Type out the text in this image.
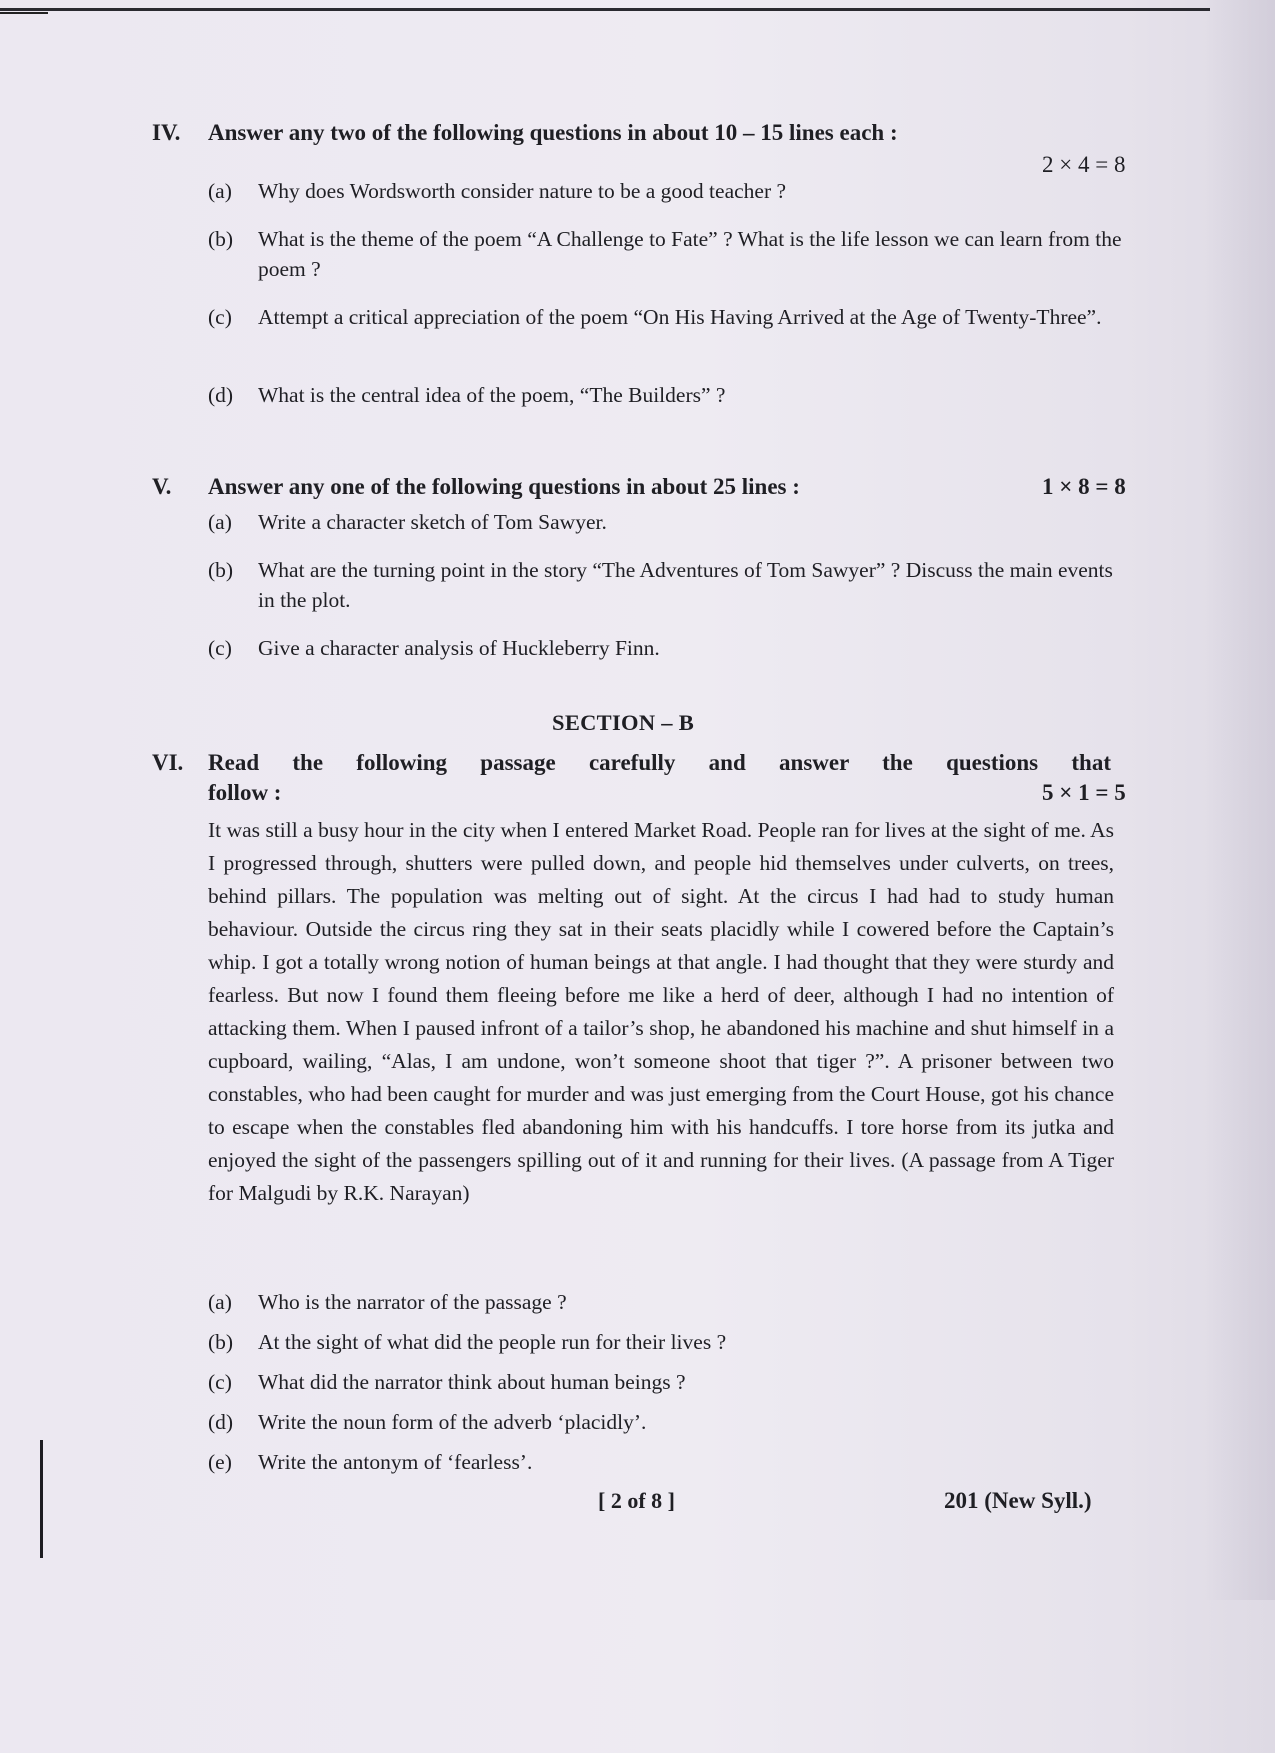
IV. Answer any two of the following questions in about 10 – 15 lines each :
2 × 4 = 8
(a) Why does Wordsworth consider nature to be a good teacher ?
(b) What is the theme of the poem “A Challenge to Fate” ? What is the life lesson we can learn from the poem ?
(c) Attempt a critical appreciation of the poem “On His Having Arrived at the Age of Twenty-Three”.
(d) What is the central idea of the poem, “The Builders” ?
V. Answer any one of the following questions in about 25 lines :	1 × 8 = 8
(a) Write a character sketch of Tom Sawyer.
(b) What are the turning point in the story “The Adventures of Tom Sawyer” ? Discuss the main events in the plot.
(c) Give a character analysis of Huckleberry Finn.
SECTION – B
VI. Read the following passage carefully and answer the questions that
follow :	5 × 1 = 5
It was still a busy hour in the city when I entered Market Road. People ran for lives at the sight of me. As I progressed through, shutters were pulled down, and people hid themselves under culverts, on trees, behind pillars. The population was melting out of sight. At the circus I had had to study human behaviour. Outside the circus ring they sat in their seats placidly while I cowered before the Captain’s whip. I got a totally wrong notion of human beings at that angle. I had thought that they were sturdy and fearless. But now I found them fleeing before me like a herd of deer, although I had no intention of attacking them. When I paused infront of a tailor’s shop, he abandoned his machine and shut himself in a cupboard, wailing, “Alas, I am undone, won’t someone shoot that tiger ?”. A prisoner between two constables, who had been caught for murder and was just emerging from the Court House, got his chance to escape when the constables fled abandoning him with his handcuffs. I tore horse from its jutka and enjoyed the sight of the passengers spilling out of it and running for their lives. (A passage from A Tiger for Malgudi by R.K. Narayan)
(a) Who is the narrator of the passage ?
(b) At the sight of what did the people run for their lives ?
(c) What did the narrator think about human beings ?
(d) Write the noun form of the adverb ‘placidly’.
(e) Write the antonym of ‘fearless’.
[ 2 of 8 ]	201 (New Syll.)
